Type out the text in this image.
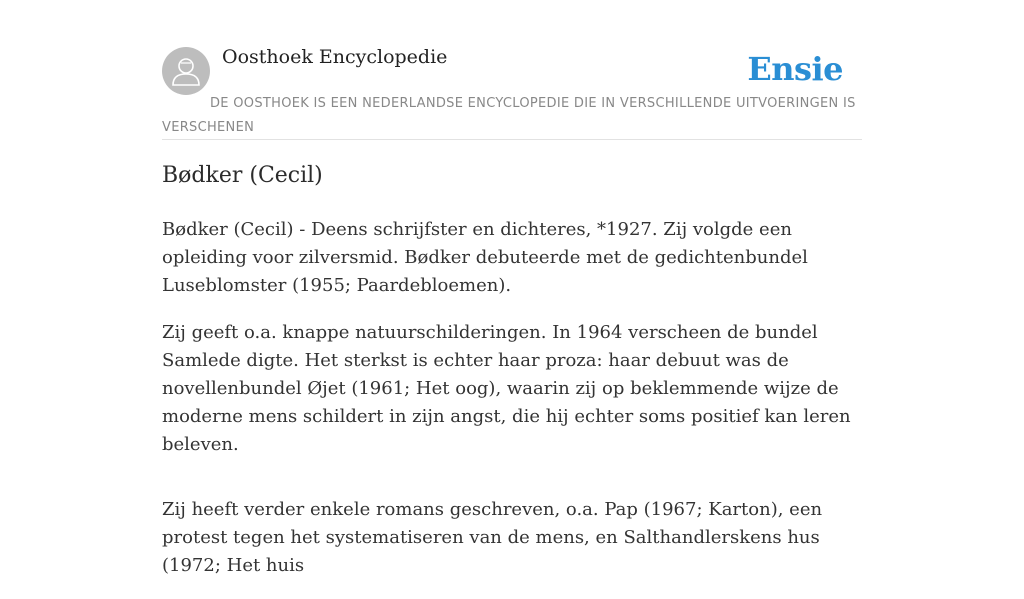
Oosthoek Encyclopedie	Ensie
DE OOSTHOEK IS EEN NEDERLANDSE ENCYCLOPEDIE DIE IN VERSCHILLENDE UITVOERINGEN IS VERSCHENEN
Bødker (Cecil)

Bødker (Cecil) - Deens schrijfster en dichteres, *1927. Zij volgde een opleiding voor zilversmid. Bødker debuteerde met de gedichtenbundel Luseblomster (1955; Paardebloemen).

Zij geeft o.a. knappe natuurschilderingen. In 1964 verscheen de bundel Samlede digte. Het sterkst is echter haar proza: haar debuut was de novellenbundel Øjet (1961; Het oog), waarin zij op beklemmende wijze de moderne mens schildert in zijn angst, die hij echter soms positief kan leren beleven.

Zij heeft verder enkele romans geschreven, o.a. Pap (1967; Karton), een protest tegen het systematiseren van de mens, en Salthandlerskens hus (1972; Het huis
